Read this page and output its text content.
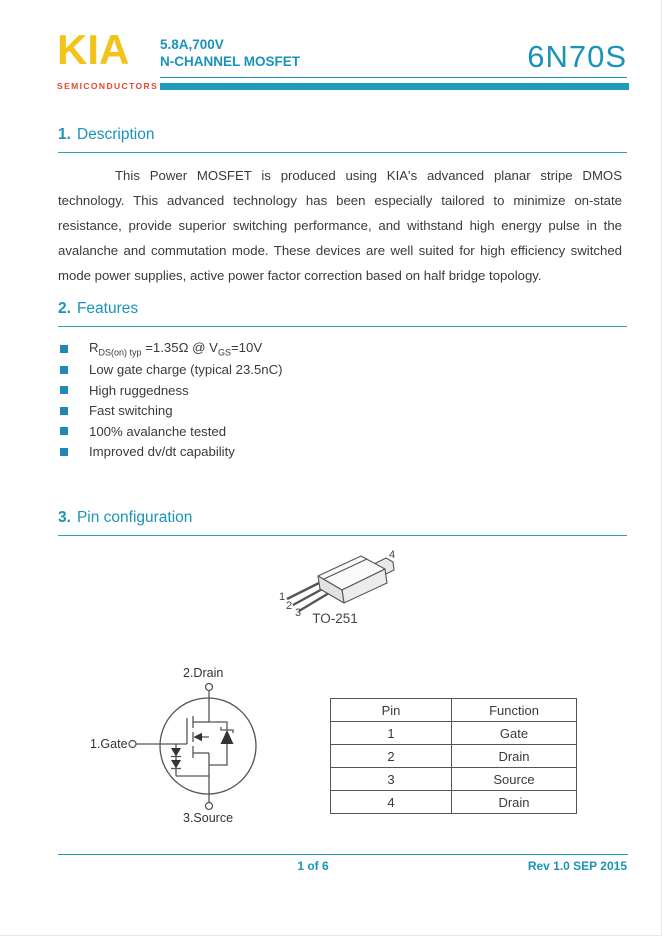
KIA
SEMICONDUCTORS
5.8A,700V
N-CHANNEL MOSFET	6N70S
1. Description

This Power MOSFET is produced using KIA's advanced planar stripe DMOS technology. This advanced technology has been especially tailored to minimize on-state resistance, provide superior switching performance, and withstand high energy pulse in the avalanche and commutation mode. These devices are well suited for high efficiency switched mode power supplies, active power factor correction based on half bridge topology.

2. Features
$R_{DS(on) typ} =1.35\Omega$ @ $V_{GS}=10V$
Low gate charge (typical 23.5nC)
High ruggedness
Fast switching
100% avalanche tested
Improved dv/dt capability
3. Pin configuration
1
2
3
4
TO-251
2.Drain
1.Gate
3.Source
Pin	Function
1	Gate
2	Drain
3	Source
4	Drain
1 of 6	Rev 1.0 SEP 2015
